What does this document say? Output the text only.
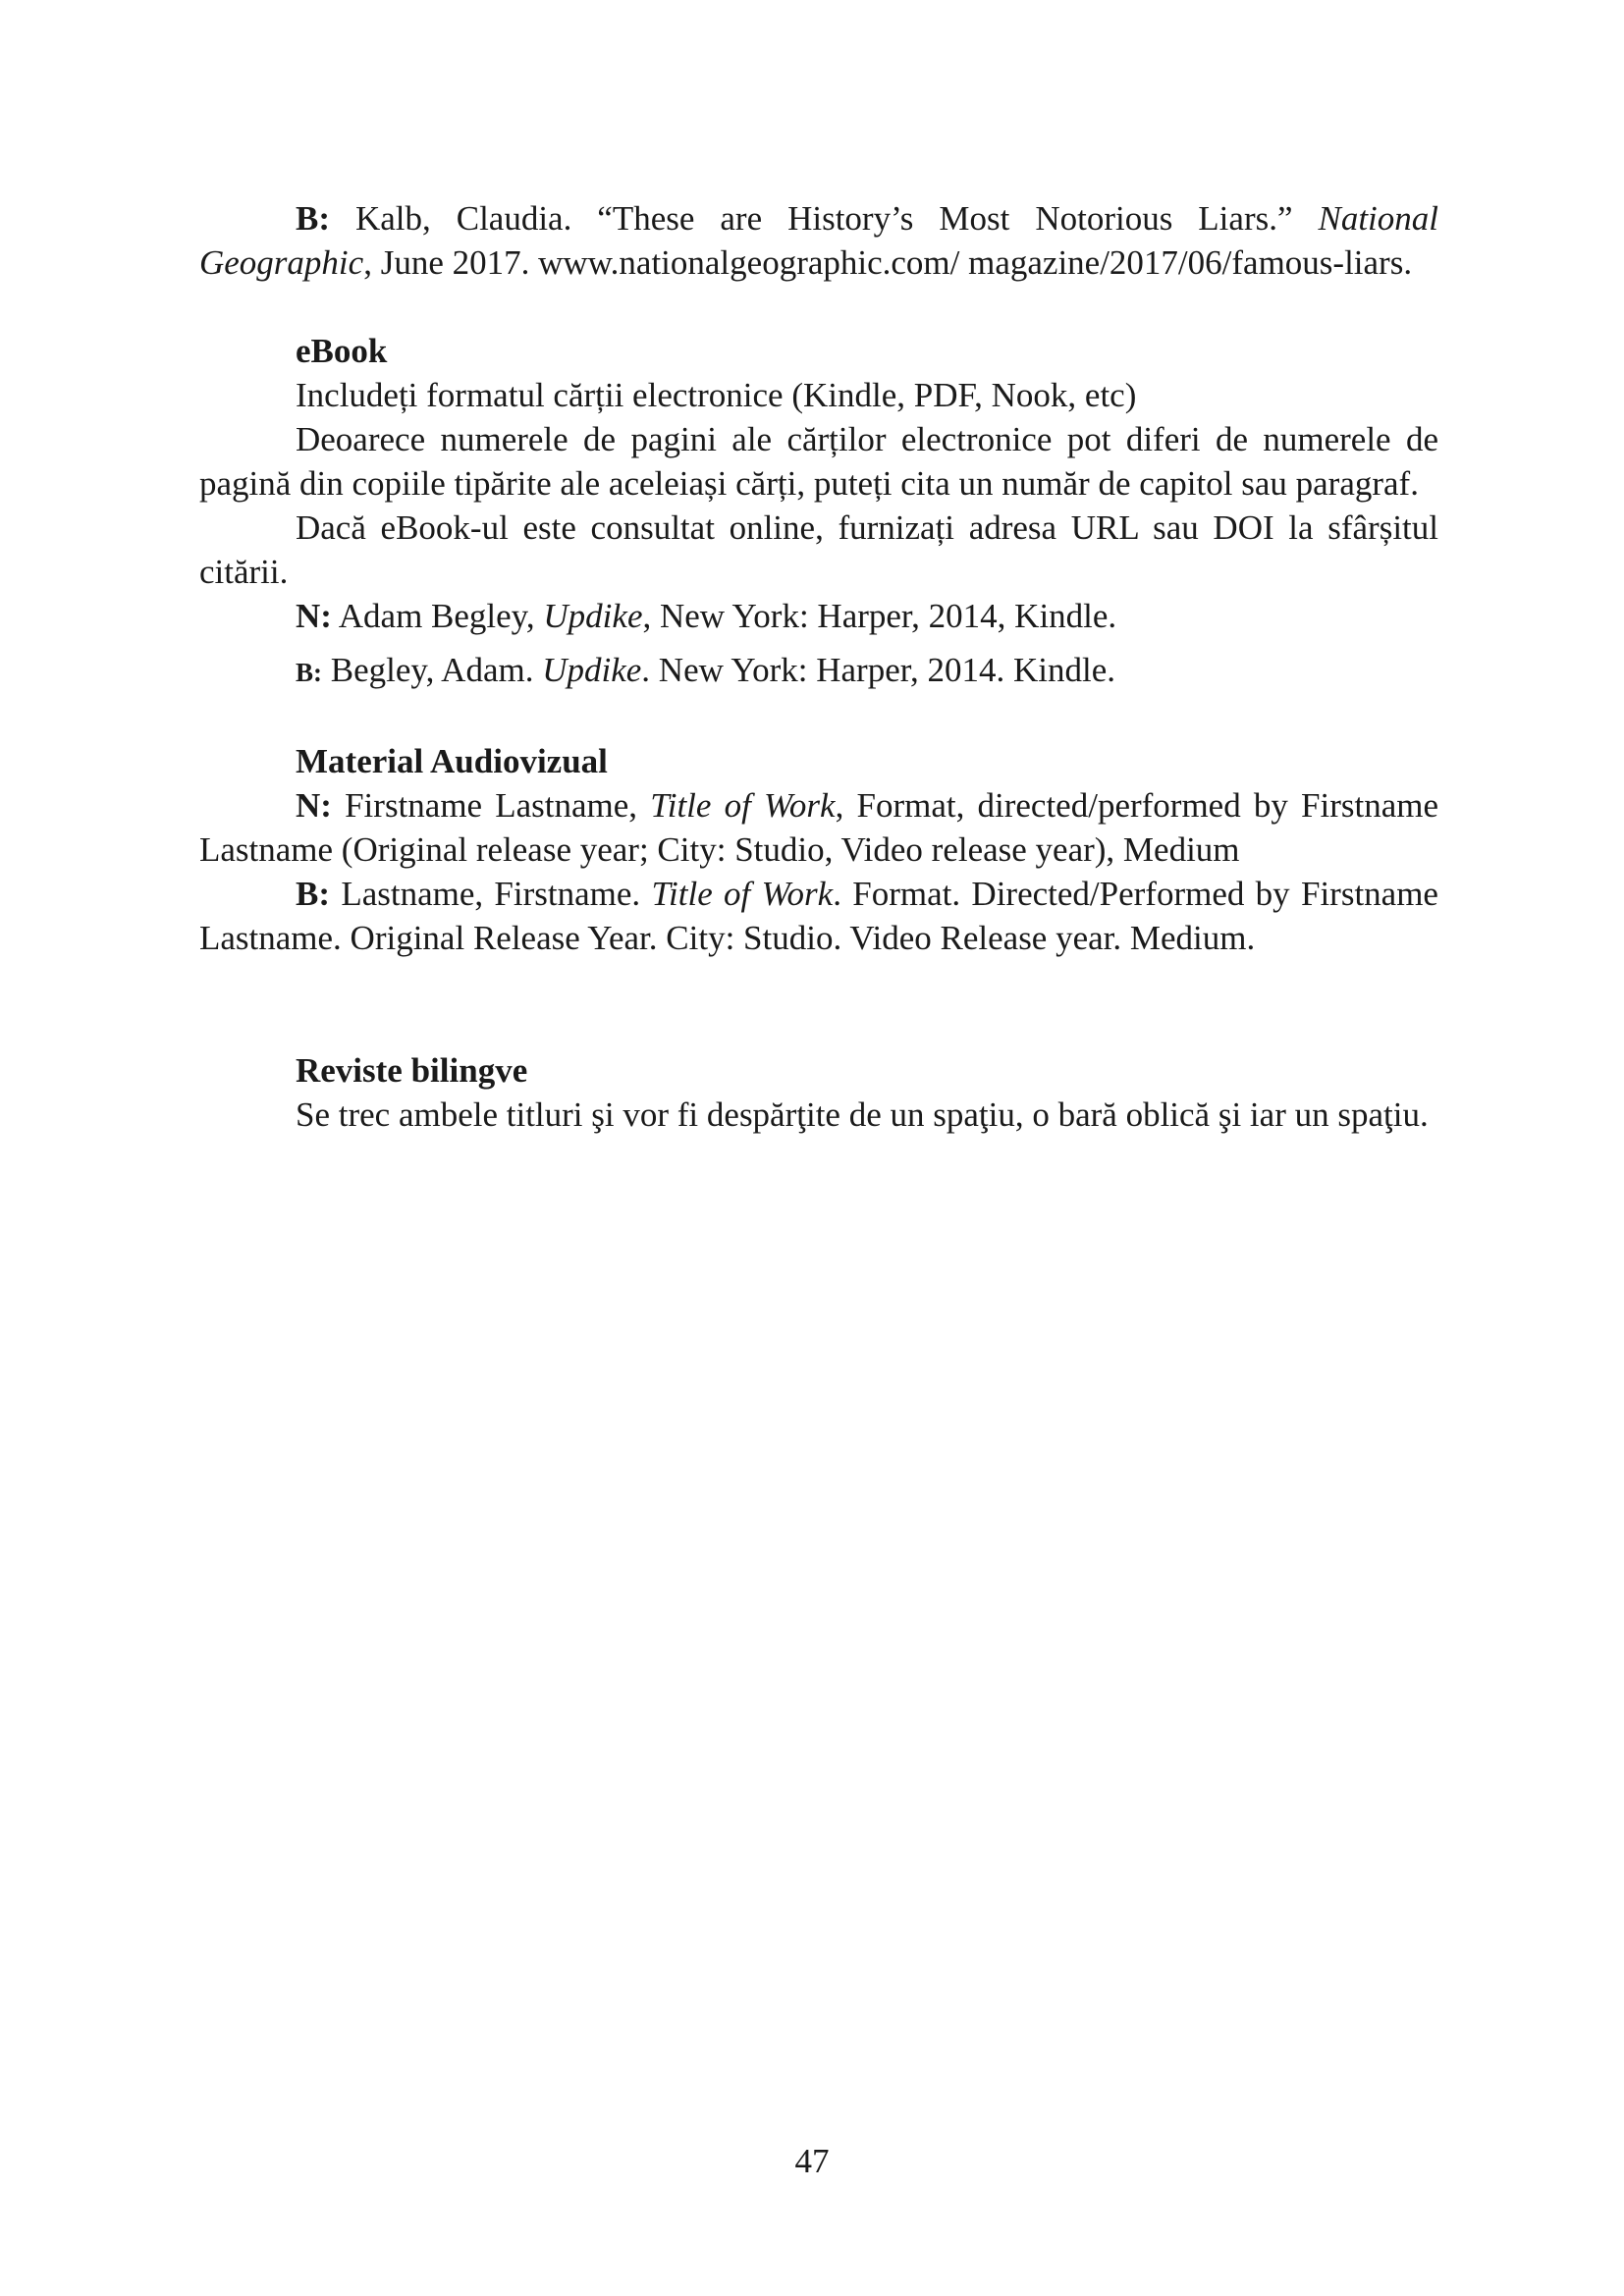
B: Kalb, Claudia. “These are History’s Most Notorious Liars.” National Geographic, June 2017. www.nationalgeographic.com/ magazine/2017/06/famous-liars.

eBook

Includeți formatul cărții electronice (Kindle, PDF, Nook, etc)

Deoarece numerele de pagini ale cărților electronice pot diferi de numerele de pagină din copiile tipărite ale aceleiași cărți, puteți cita un număr de capitol sau paragraf.

Dacă eBook-ul este consultat online, furnizați adresa URL sau DOI la sfârșitul citării.

N: Adam Begley, Updike, New York: Harper, 2014, Kindle.

B: Begley, Adam. Updike. New York: Harper, 2014. Kindle.

Material Audiovizual

N: Firstname Lastname, Title of Work, Format, directed/performed by Firstname Lastname (Original release year; City: Studio, Video release year), Medium

B: Lastname, Firstname. Title of Work. Format. Directed/Performed by Firstname Lastname. Original Release Year. City: Studio. Video Release year. Medium.

Reviste bilingve

Se trec ambele titluri şi vor fi despărţite de un spaţiu, o bară oblică şi iar un spaţiu.

47
